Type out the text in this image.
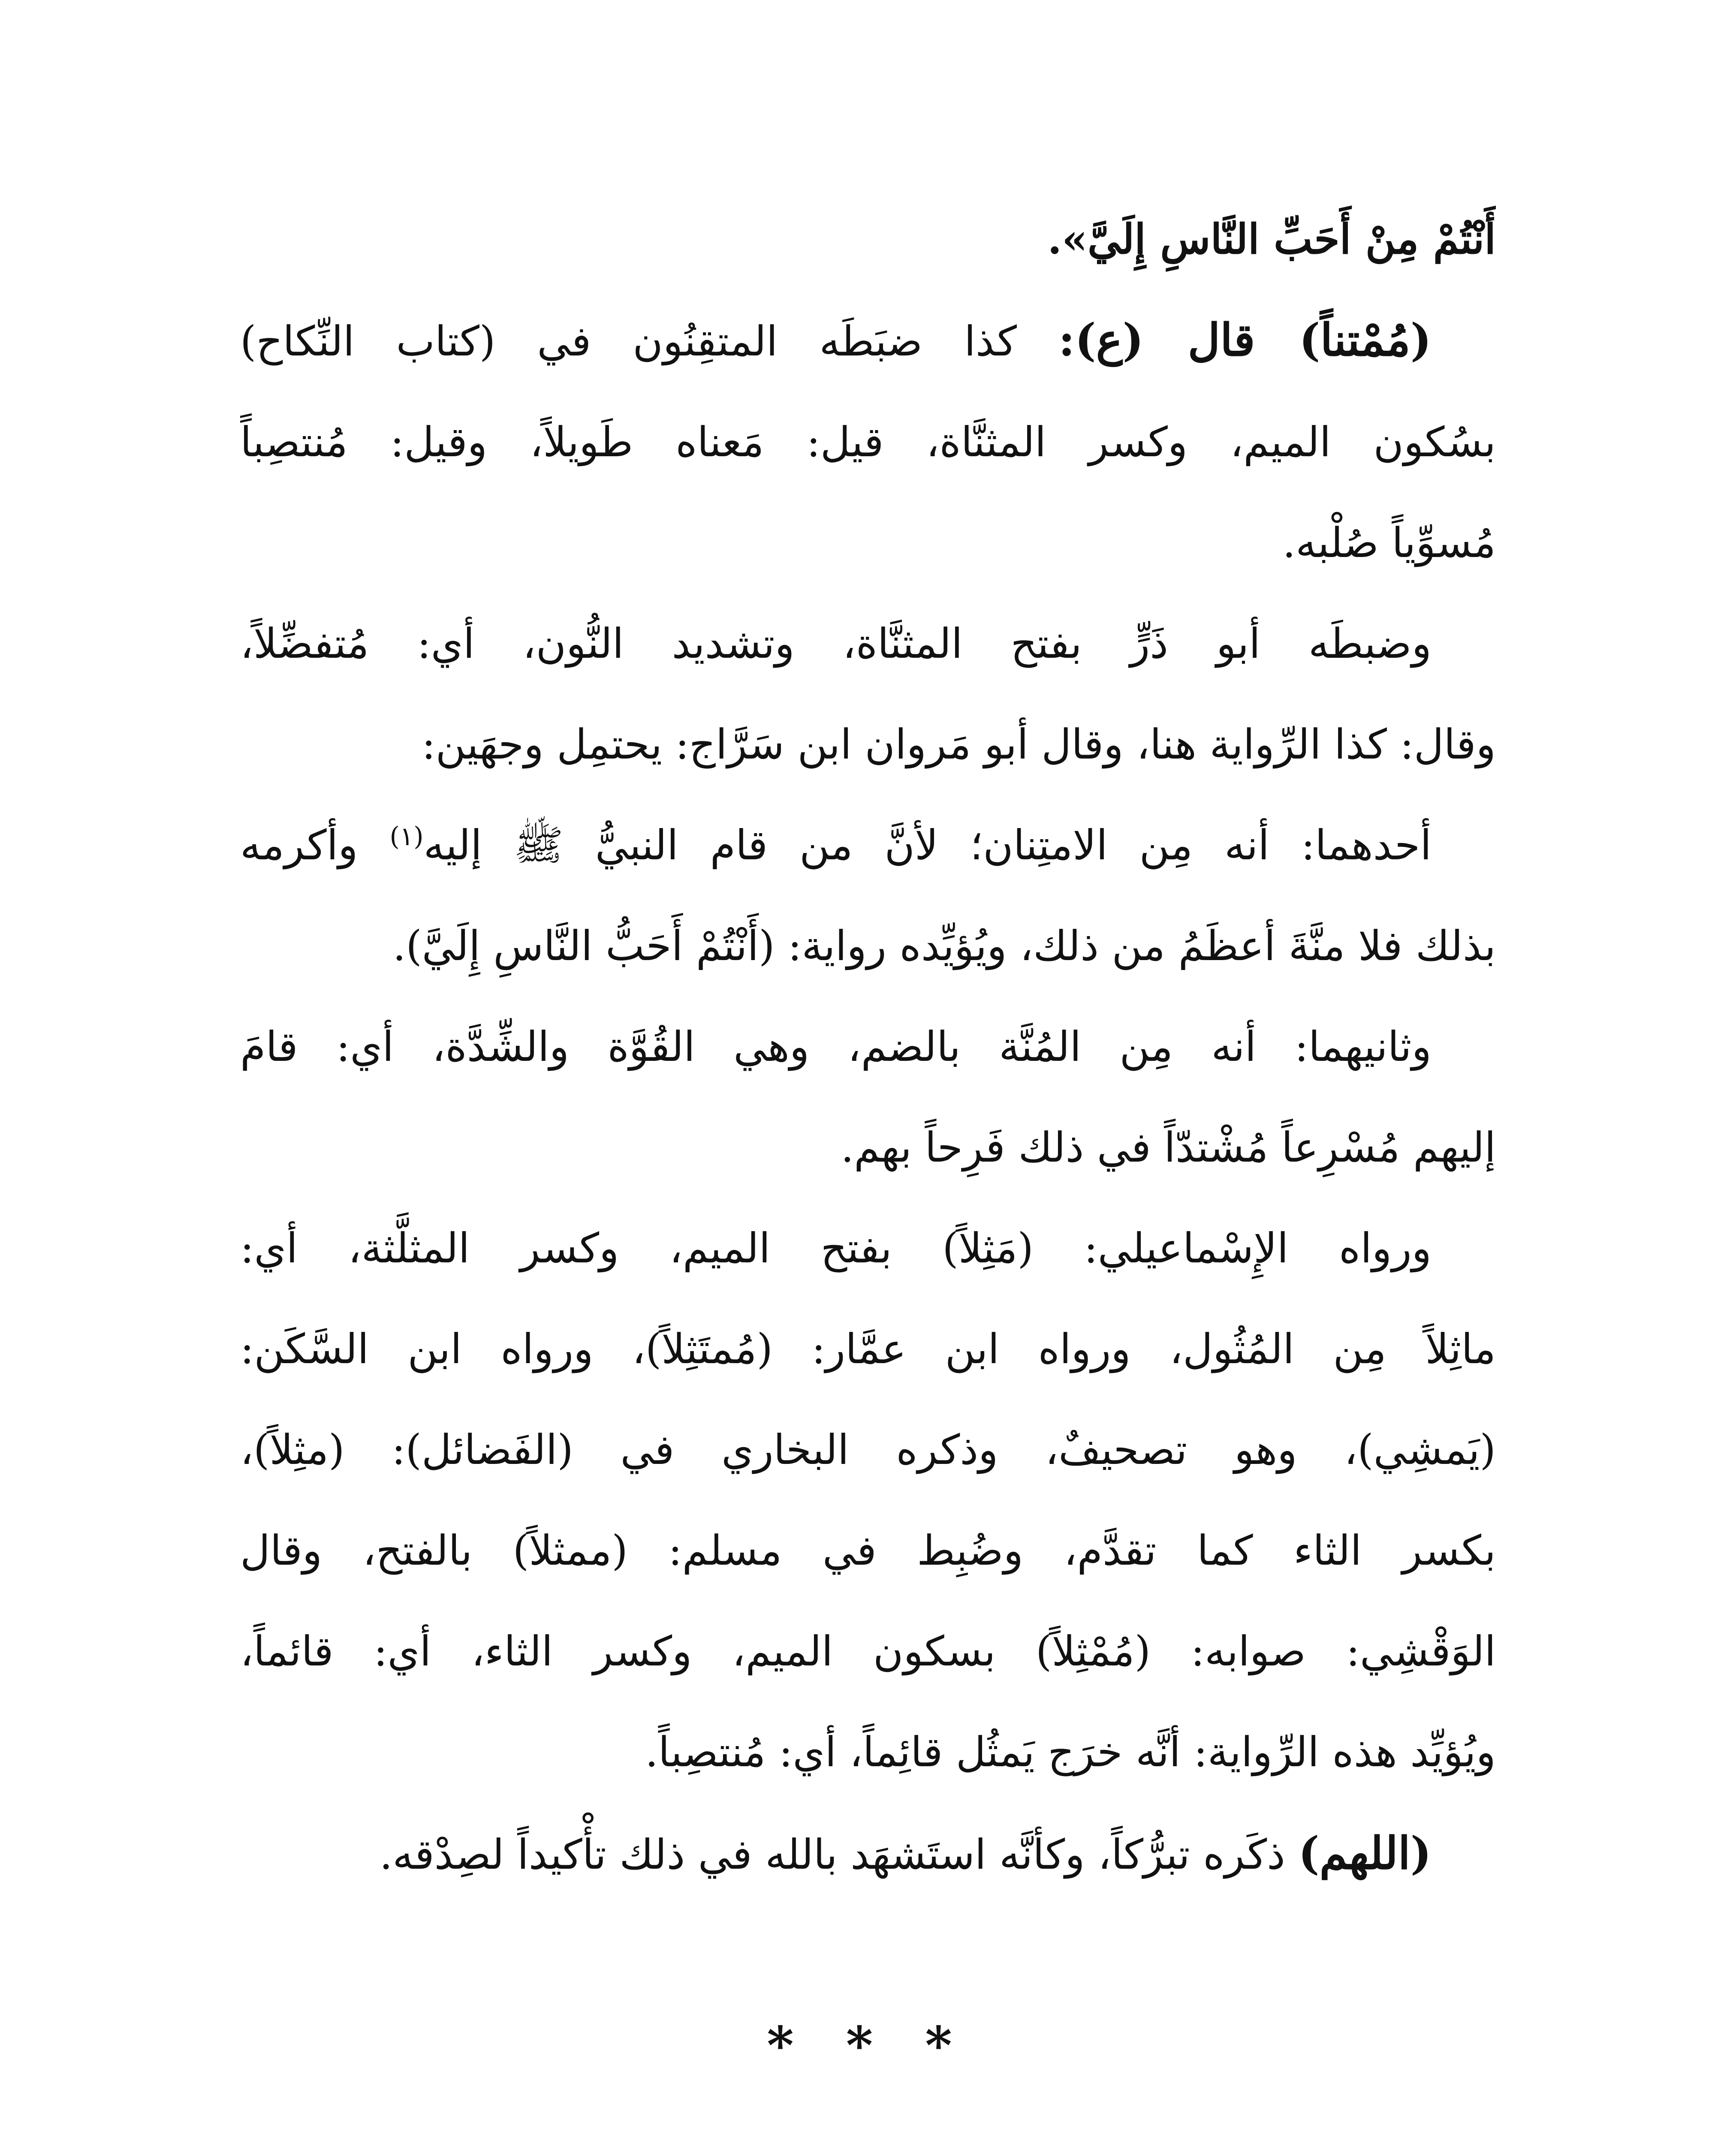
أَنْتُمْ مِنْ أَحَبِّ النَّاسِ إِلَيَّ».
(مُمْتناً) قال (ع): كذا ضبَطَه المتقِنُون في (كتاب النِّكاح)
بسُكون الميم، وكسر المثنَّاة، قيل: مَعناه طَويلاً، وقيل: مُنتصِباً
مُسوِّياً صُلْبه.
وضبطَه أبو ذَرٍّ بفتح المثنَّاة، وتشديد النُّون، أي: مُتفضِّلاً،
وقال: كذا الرِّواية هنا، وقال أبو مَروان ابن سَرَّاج: يحتمِل وجهَين:
أحدهما: أنه مِن الامتِنان؛ لأنَّ من قام النبيُّ ﷺ إليه$^{(١)}$ وأكرمه
بذلك فلا منَّةَ أعظَمُ من ذلك، ويُؤيِّده رواية: (أَنْتُمْ أَحَبُّ النَّاسِ إِلَيَّ).
وثانيهما: أنه مِن المُنَّة بالضم، وهي القُوَّة والشِّدَّة، أي: قامَ
إليهم مُسْرِعاً مُشْتدّاً في ذلك فَرِحاً بهم.
ورواه الإِسْماعيلي: (مَثِلاً) بفتح الميم، وكسر المثلَّثة، أي:
ماثِلاً مِن المُثُول، ورواه ابن عمَّار: (مُمتَثِلاً)، ورواه ابن السَّكَن:
(يَمشِي)، وهو تصحيفٌ، وذكره البخاري في (الفَضائل): (مثِلاً)،
بكسر الثاء كما تقدَّم، وضُبِط في مسلم: (ممثلاً) بالفتح، وقال
الوَقْشِي: صوابه: (مُمْثِلاً) بسكون الميم، وكسر الثاء، أي: قائماً،
ويُؤيِّد هذه الرِّواية: أنَّه خرَج يَمثُل قائِماً، أي: مُنتصِباً.
(اللهم) ذكَره تبرُّكاً، وكأنَّه استَشهَد بالله في ذلك تأْكيداً لصِدْقه.
* * *
